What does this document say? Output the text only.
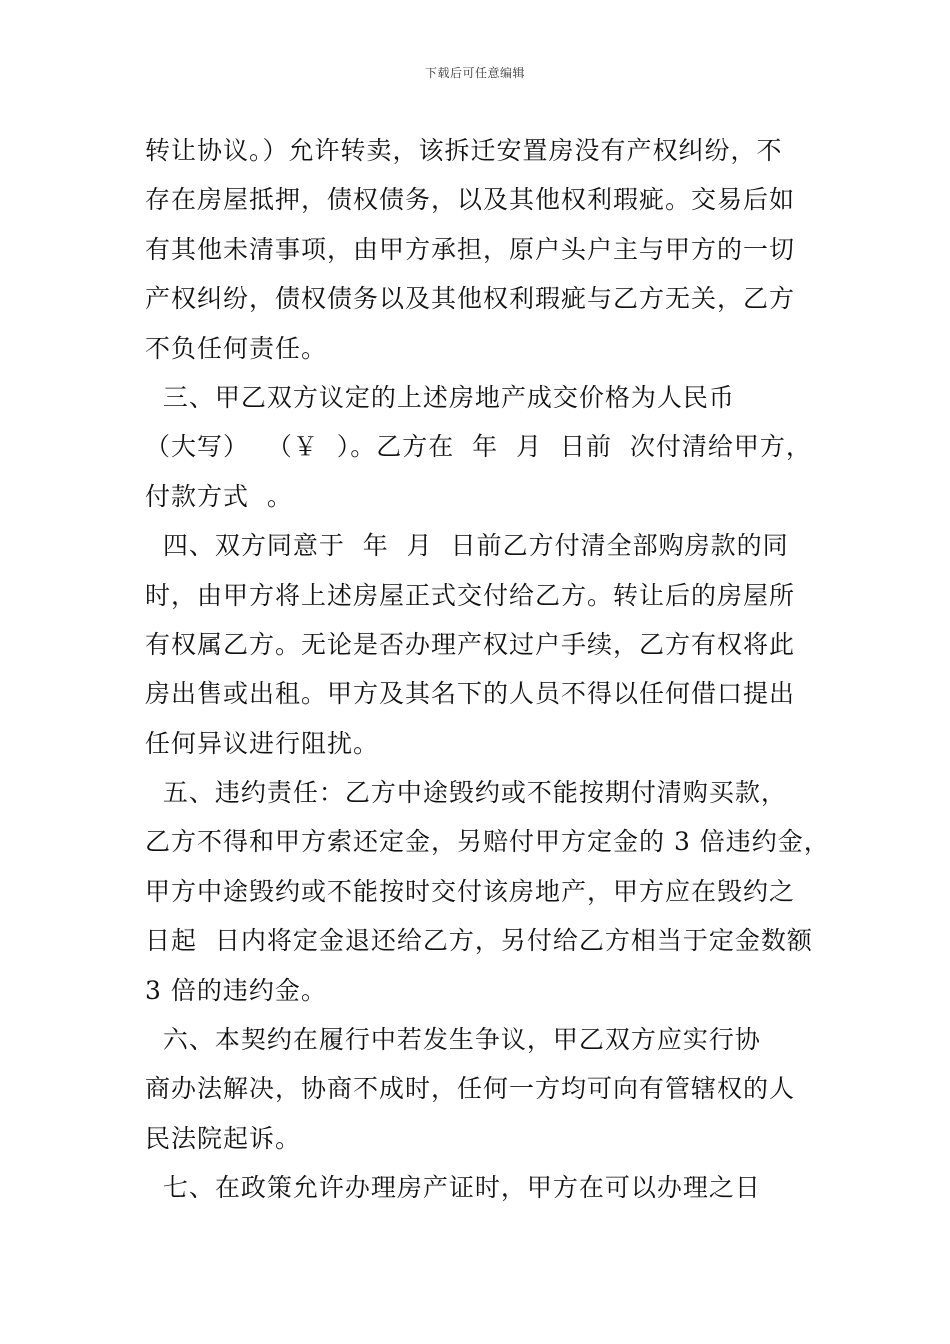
下载后可任意编辑
转让协议。）允许转卖，该拆迁安置房没有产权纠纷，不
存在房屋抵押，债权债务，以及其他权利瑕疵。交易后如
有其他未清事项，由甲方承担，原户头户主与甲方的一切
产权纠纷，债权债务以及其他权利瑕疵与乙方无关，乙方
不负任何责任。
三、甲乙双方议定的上述房地产成交价格为人民币
（大写）  （￥  ）。乙方在  年  月  日前  次付清给甲方，
付款方式  。
四、双方同意于  年  月  日前乙方付清全部购房款的同
时，由甲方将上述房屋正式交付给乙方。转让后的房屋所
有权属乙方。无论是否办理产权过户手续，乙方有权将此
房出售或出租。甲方及其名下的人员不得以任何借口提出
任何异议进行阻扰。
五、违约责任：乙方中途毁约或不能按期付清购买款，
乙方不得和甲方索还定金，另赔付甲方定金的 3 倍违约金，
甲方中途毁约或不能按时交付该房地产，甲方应在毁约之
日起  日内将定金退还给乙方，另付给乙方相当于定金数额
3 倍的违约金。
六、本契约在履行中若发生争议，甲乙双方应实行协
商办法解决，协商不成时，任何一方均可向有管辖权的人
民法院起诉。
七、在政策允许办理房产证时，甲方在可以办理之日
